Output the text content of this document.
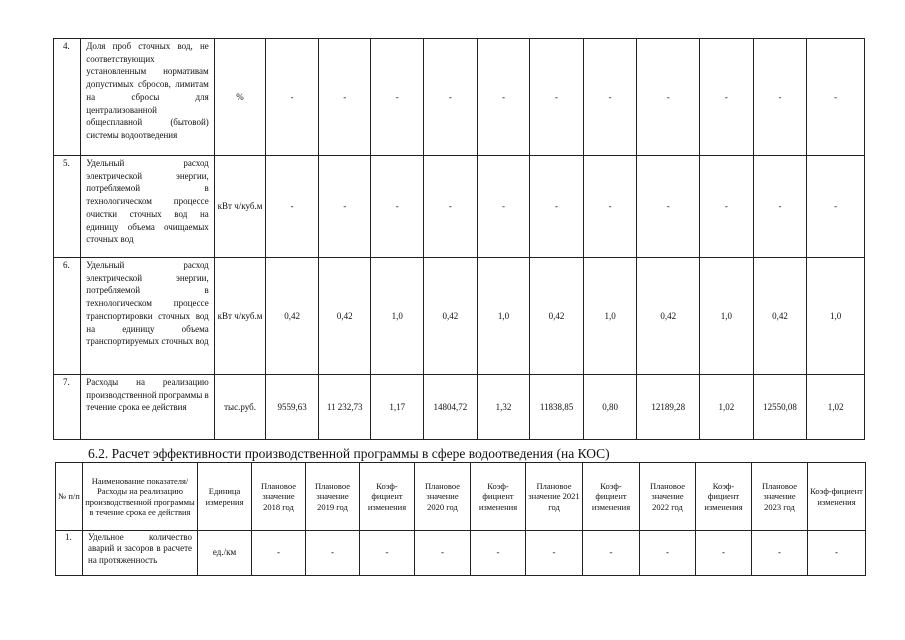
4.	Доля проб сточных вод, не соответствующих установленным нормативам допустимых сбросов, лимитам на сбросы для централизованной общесплавной (бытовой) системы водоотведения	%	-	-	-	-	-	-	-	-	-	-	-
5.	Удельный расход электрической энергии, потребляемой в технологическом процессе очистки сточных вод на единицу объема очищаемых сточных вод	кВт ч/куб.м	-	-	-	-	-	-	-	-	-	-	-
6.	Удельный расход электрической энергии, потребляемой в технологическом процессе транспортировки сточных вод на единицу объема транспортируемых сточных вод	кВт ч/куб.м	0,42	0,42	1,0	0,42	1,0	0,42	1,0	0,42	1,0	0,42	1,0
7.	Расходы на реализацию производственной программы в течение срока ее действия	тыс.руб.	9559,63	11 232,73	1,17	14804,72	1,32	11838,85	0,80	12189,28	1,02	12550,08	1,02
6.2. Расчет эффективности производственной программы в сфере водоотведения (на КОС)
№ п/п	Наименование показателя/Расходы на реализацию производственной программы в течение срока ее действия	Единица измерения	Плановое значение 2018 год	Плановое значение 2019 год	Коэф-фициент изменения	Плановое значение 2020 год	Коэф-фициент изменения	Плановое значение 2021 год	Коэф-фициент изменения	Плановое значение 2022 год	Коэф-фициент изменения	Плановое значение 2023 год	Коэф-фициент изменения
1.	Удельное количество аварий и засоров в расчете на протяженность	ед./км	-	-	-	-	-	-	-	-	-	-	-
